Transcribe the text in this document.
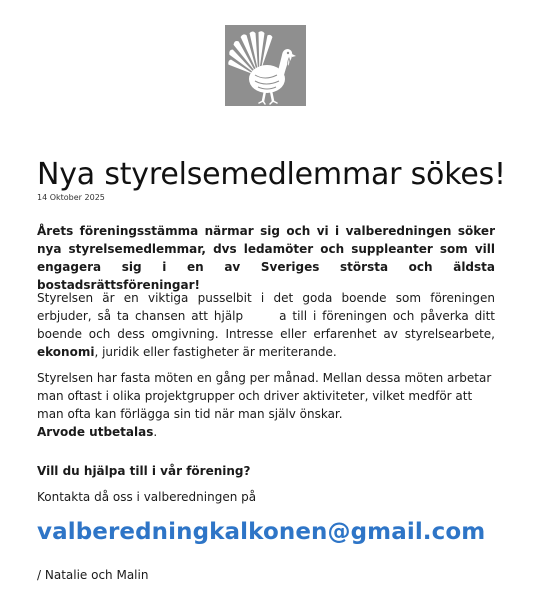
Nya styrelsemedlemmar sökes!
14 Oktober 2025

Årets föreningsstämma närmar sig och vi i valberedningen söker nya styrelsemedlemmar, dvs ledamöter och suppleanter som vill engagera sig i en av Sveriges största och äldsta bostadsrättsföreningar!

Styrelsen är en viktiga pusselbit i det goda boende som föreningen erbjuder, så ta chansen att hjälp	a till i föreningen och påverka ditt boende och dess omgivning. Intresse eller erfarenhet av styrelsearbete, ekonomi, juridik eller fastigheter är meriterande.

Styrelsen har fasta möten en gång per månad. Mellan dessa möten arbetar man oftast i olika projektgrupper och driver aktiviteter, vilket medför att man ofta kan förlägga sin tid när man själv önskar.
Arvode utbetalas.

Vill du hjälpa till i vår förening?
Kontakta då oss i valberedningen på
valberedningkalkonen@gmail.com
/ Natalie och Malin
